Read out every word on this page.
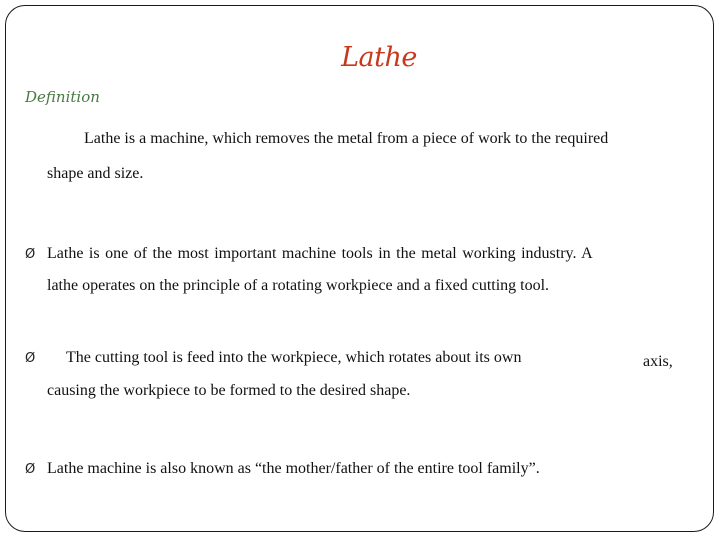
Lathe
Definition
Lathe is a machine, which removes the metal from a piece of work to the required
shape and size.
Ø Lathe is one of the most important machine tools in the metal working industry. A
lathe operates on the principle of a rotating workpiece and a fixed cutting tool.
Ø The cutting tool is feed into the workpiece, which rotates about its own	axis,
causing the workpiece to be formed to the desired shape.
Ø Lathe machine is also known as “the mother/father of the entire tool family”.
